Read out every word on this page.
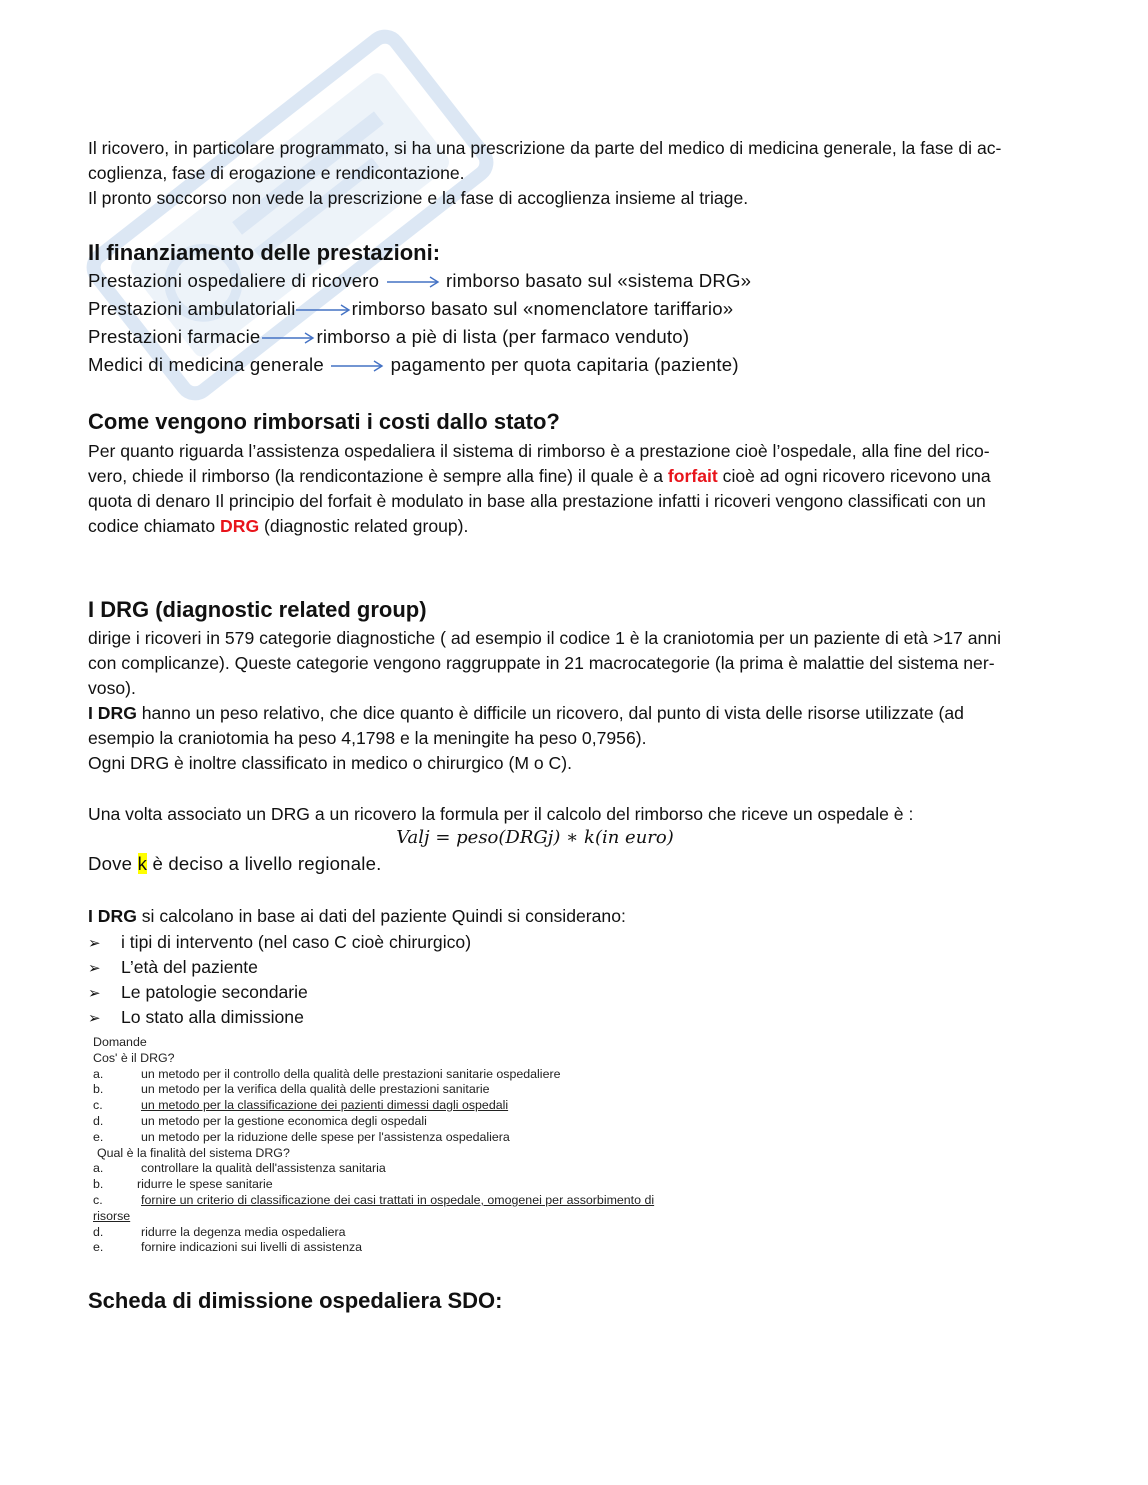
Il ricovero, in particolare programmato, si ha una prescrizione da parte del medico di medicina generale, la fase di ac-
coglienza, fase di erogazione e rendicontazione.
Il pronto soccorso non vede la prescrizione e la fase di accoglienza insieme al triage.
Il finanziamento delle prestazioni:
Prestazioni ospedaliere di ricovero	rimborso basato sul «sistema DRG»
Prestazioni ambulatoriali	rimborso basato sul «nomenclatore tariffario»
Prestazioni farmacie	rimborso a piè di lista (per farmaco venduto)
Medici di medicina generale	pagamento per quota capitaria (paziente)
Come vengono rimborsati i costi dallo stato?
Per quanto riguarda l’assistenza ospedaliera il sistema di rimborso è a prestazione cioè l’ospedale, alla fine del rico-
vero, chiede il rimborso (la rendicontazione è sempre alla fine) il quale è a forfait cioè ad ogni ricovero ricevono una
quota di denaro Il principio del forfait è modulato in base alla prestazione infatti i ricoveri vengono classificati con un
codice chiamato DRG (diagnostic related group).
I DRG (diagnostic related group)
dirige i ricoveri in 579 categorie diagnostiche ( ad esempio il codice 1 è la craniotomia per un paziente di età >17 anni
con complicanze). Queste categorie vengono raggruppate in 21 macrocategorie (la prima è malattie del sistema ner-
voso).
I DRG hanno un peso relativo, che dice quanto è difficile un ricovero, dal punto di vista delle risorse utilizzate (ad
esempio la craniotomia ha peso 4,1798 e la meningite ha peso 0,7956).
Ogni DRG è inoltre classificato in medico o chirurgico (M o C).
Una volta associato un DRG a un ricovero la formula per il calcolo del rimborso che riceve un ospedale è :
Valj = peso(DRGj) ∗ k(in euro)
Dove k è deciso a livello regionale.
I DRG si calcolano in base ai dati del paziente Quindi si considerano:
➢ i tipi di intervento (nel caso C cioè chirurgico)
➢ L’età del paziente
➢ Le patologie secondarie
➢ Lo stato alla dimissione
Domande
Cos' è il DRG?
a.	un metodo per il controllo della qualità delle prestazioni sanitarie ospedaliere
b.	un metodo per la verifica della qualità delle prestazioni sanitarie
c.	un metodo per la classificazione dei pazienti dimessi dagli ospedali
d.	un metodo per la gestione economica degli ospedali
e.	un metodo per la riduzione delle spese per l'assistenza ospedaliera
Qual è la finalità del sistema DRG?
a.	controllare la qualità dell'assistenza sanitaria
b.	ridurre le spese sanitarie
c.	fornire un criterio di classificazione dei casi trattati in ospedale, omogenei per assorbimento di
risorse
d.	ridurre la degenza media ospedaliera
e.	fornire indicazioni sui livelli di assistenza
Scheda di dimissione ospedaliera SDO:
